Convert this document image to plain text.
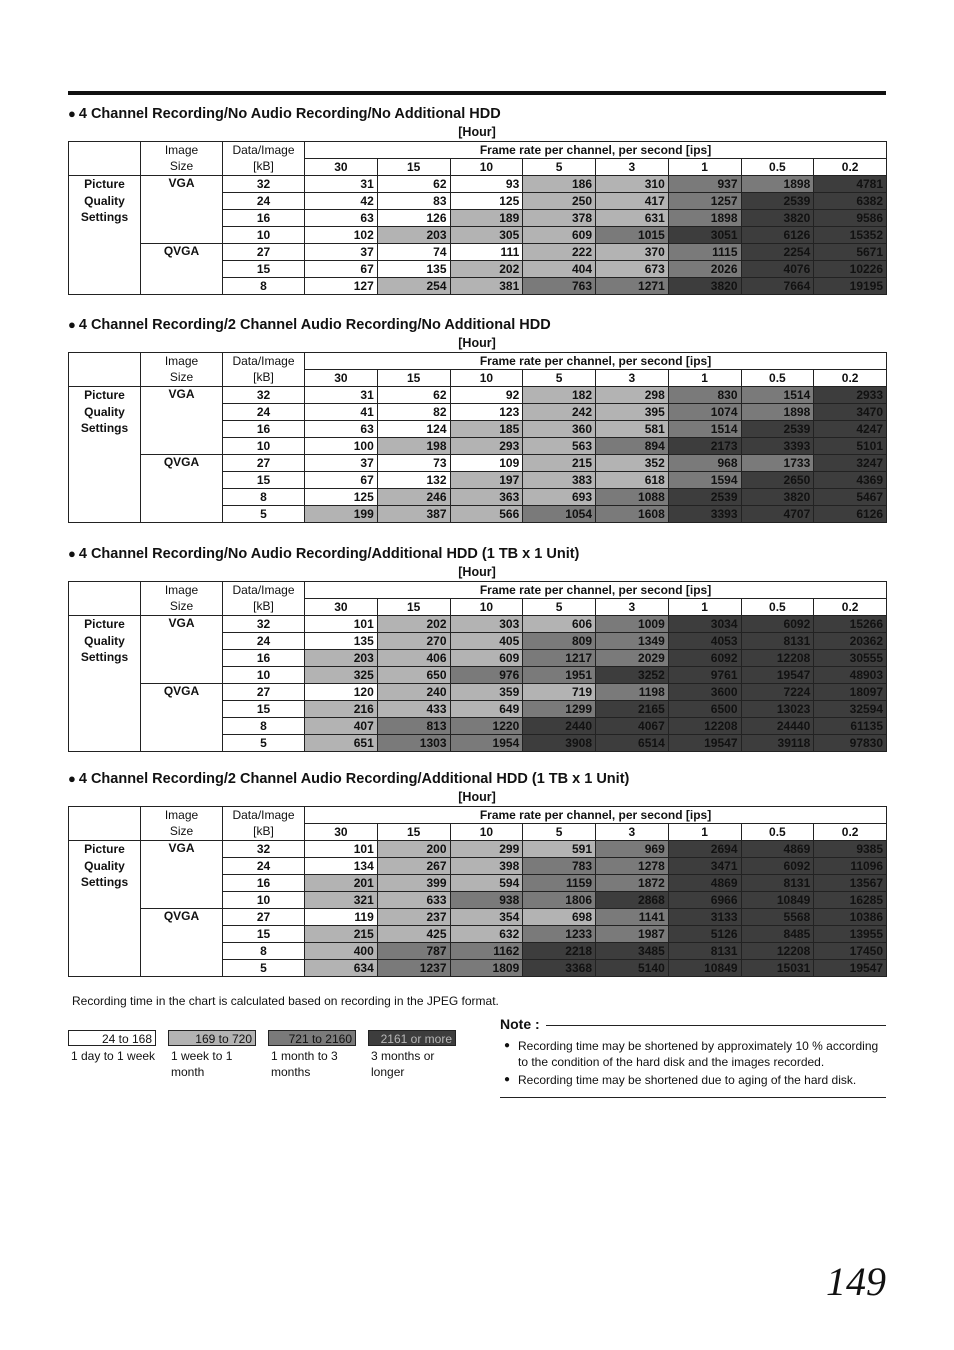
● 4 Channel Recording/No Audio Recording/No Additional HDD
[Hour]
	Image	Data/Image	Frame rate per channel, per second [ips]							
	Size	[kB]	30	15	10	5	3	1	0.5	0.2

Picture
Quality
Settings	VGA	32	31	62	93	186	310	937	1898	4781
		24	42	83	125	250	417	1257	2539	6382
		16	63	126	189	378	631	1898	3820	9586
		10	102	203	305	609	1015	3051	6126	15352
	QVGA	27	37	74	111	222	370	1115	2254	5671
		15	67	135	202	404	673	2026	4076	10226
		8	127	254	381	763	1271	3820	7664	19195
● 4 Channel Recording/2 Channel Audio Recording/No Additional HDD
[Hour]
	Image	Data/Image	Frame rate per channel, per second [ips]							
	Size	[kB]	30	15	10	5	3	1	0.5	0.2

Picture
Quality
Settings	VGA	32	31	62	92	182	298	830	1514	2933
		24	41	82	123	242	395	1074	1898	3470
		16	63	124	185	360	581	1514	2539	4247
		10	100	198	293	563	894	2173	3393	5101
	QVGA	27	37	73	109	215	352	968	1733	3247
		15	67	132	197	383	618	1594	2650	4369
		8	125	246	363	693	1088	2539	3820	5467
		5	199	387	566	1054	1608	3393	4707	6126
● 4 Channel Recording/No Audio Recording/Additional HDD (1 TB x 1 Unit)
[Hour]
	Image	Data/Image	Frame rate per channel, per second [ips]							
	Size	[kB]	30	15	10	5	3	1	0.5	0.2

Picture
Quality
Settings	VGA	32	101	202	303	606	1009	3034	6092	15266
		24	135	270	405	809	1349	4053	8131	20362
		16	203	406	609	1217	2029	6092	12208	30555
		10	325	650	976	1951	3252	9761	19547	48903
	QVGA	27	120	240	359	719	1198	3600	7224	18097
		15	216	433	649	1299	2165	6500	13023	32594
		8	407	813	1220	2440	4067	12208	24440	61135
		5	651	1303	1954	3908	6514	19547	39118	97830
● 4 Channel Recording/2 Channel Audio Recording/Additional HDD (1 TB x 1 Unit)
[Hour]
	Image	Data/Image	Frame rate per channel, per second [ips]							
	Size	[kB]	30	15	10	5	3	1	0.5	0.2

Picture
Quality
Settings	VGA	32	101	200	299	591	969	2694	4869	9385
		24	134	267	398	783	1278	3471	6092	11096
		16	201	399	594	1159	1872	4869	8131	13567
		10	321	633	938	1806	2868	6966	10849	16285
	QVGA	27	119	237	354	698	1141	3133	5568	10386
		15	215	425	632	1233	1987	5126	8485	13955
		8	400	787	1162	2218	3485	8131	12208	17450
		5	634	1237	1809	3368	5140	10849	15031	19547
Recording time in the chart is calculated based on recording in the JPEG format.
24 to 168
1 day to 1 week
169 to 720
1 week to 1 month
721 to 2160
1 month to 3 months
2161 or more
3 months or longer
Note :
● Recording time may be shortened by approximately 10 % according to the condition of the hard disk and the images recorded.
● Recording time may be shortened due to aging of the hard disk.
149
